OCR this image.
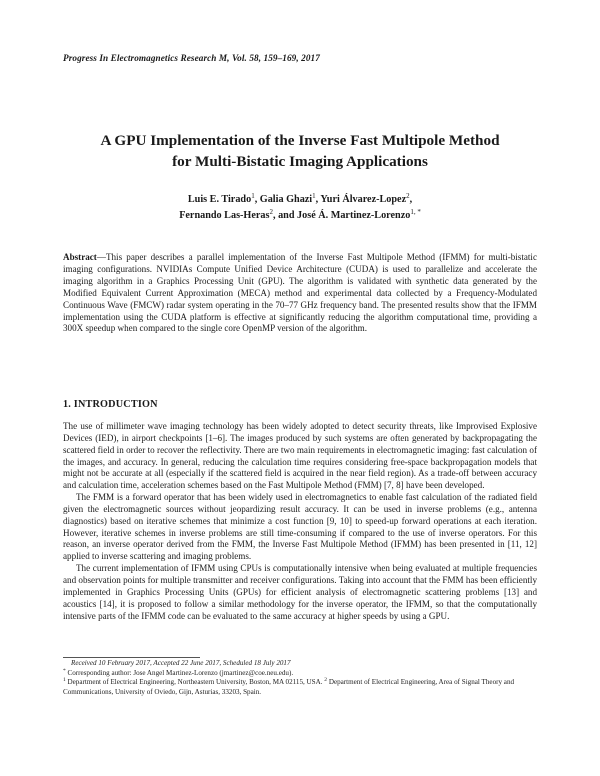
Progress In Electromagnetics Research M, Vol. 58, 159–169, 2017
A GPU Implementation of the Inverse Fast Multipole Method
for Multi-Bistatic Imaging Applications
Luis E. Tirado$^1$, Galia Ghazi$^1$, Yuri Álvarez-Lopez$^2$,
Fernando Las-Heras$^2$, and José Á. Martinez-Lorenzo$^{1, *}$
Abstract—This paper describes a parallel implementation of the Inverse Fast Multipole Method (IFMM) for multi-bistatic imaging configurations. NVIDIAs Compute Unified Device Architecture (CUDA) is used to parallelize and accelerate the imaging algorithm in a Graphics Processing Unit (GPU). The algorithm is validated with synthetic data generated by the Modified Equivalent Current Approximation (MECA) method and experimental data collected by a Frequency-Modulated Continuous Wave (FMCW) radar system operating in the 70–77 GHz frequency band. The presented results show that the IFMM implementation using the CUDA platform is effective at significantly reducing the algorithm computational time, providing a 300X speedup when compared to the single core OpenMP version of the algorithm.
1. INTRODUCTION

The use of millimeter wave imaging technology has been widely adopted to detect security threats, like Improvised Explosive Devices (IED), in airport checkpoints [1–6]. The images produced by such systems are often generated by backpropagating the scattered field in order to recover the reflectivity. There are two main requirements in electromagnetic imaging: fast calculation of the images, and accuracy. In general, reducing the calculation time requires considering free-space backpropagation models that might not be accurate at all (especially if the scattered field is acquired in the near field region). As a trade-off between accuracy and calculation time, acceleration schemes based on the Fast Multipole Method (FMM) [7, 8] have been developed.

The FMM is a forward operator that has been widely used in electromagnetics to enable fast calculation of the radiated field given the electromagnetic sources without jeopardizing result accuracy. It can be used in inverse problems (e.g., antenna diagnostics) based on iterative schemes that minimize a cost function [9, 10] to speed-up forward operations at each iteration. However, iterative schemes in inverse problems are still time-consuming if compared to the use of inverse operators. For this reason, an inverse operator derived from the FMM, the Inverse Fast Multipole Method (IFMM) has been presented in [11, 12] applied to inverse scattering and imaging problems.

The current implementation of IFMM using CPUs is computationally intensive when being evaluated at multiple frequencies and observation points for multiple transmitter and receiver configurations. Taking into account that the FMM has been efficiently implemented in Graphics Processing Units (GPUs) for efficient analysis of electromagnetic scattering problems [13] and acoustics [14], it is proposed to follow a similar methodology for the inverse operator, the IFMM, so that the computationally intensive parts of the IFMM code can be evaluated to the same accuracy at higher speeds by using a GPU.

Received 10 February 2017, Accepted 22 June 2017, Scheduled 18 July 2017
* Corresponding author: Jose Angel Martinez-Lorenzo (jmartinez@coe.neu.edu).
$^1$ Department of Electrical Engineering, Northeastern University, Boston, MA 02115, USA. $^2$ Department of Electrical Engineering, Area of Signal Theory and Communications, University of Oviedo, Gijn, Asturias, 33203, Spain.
